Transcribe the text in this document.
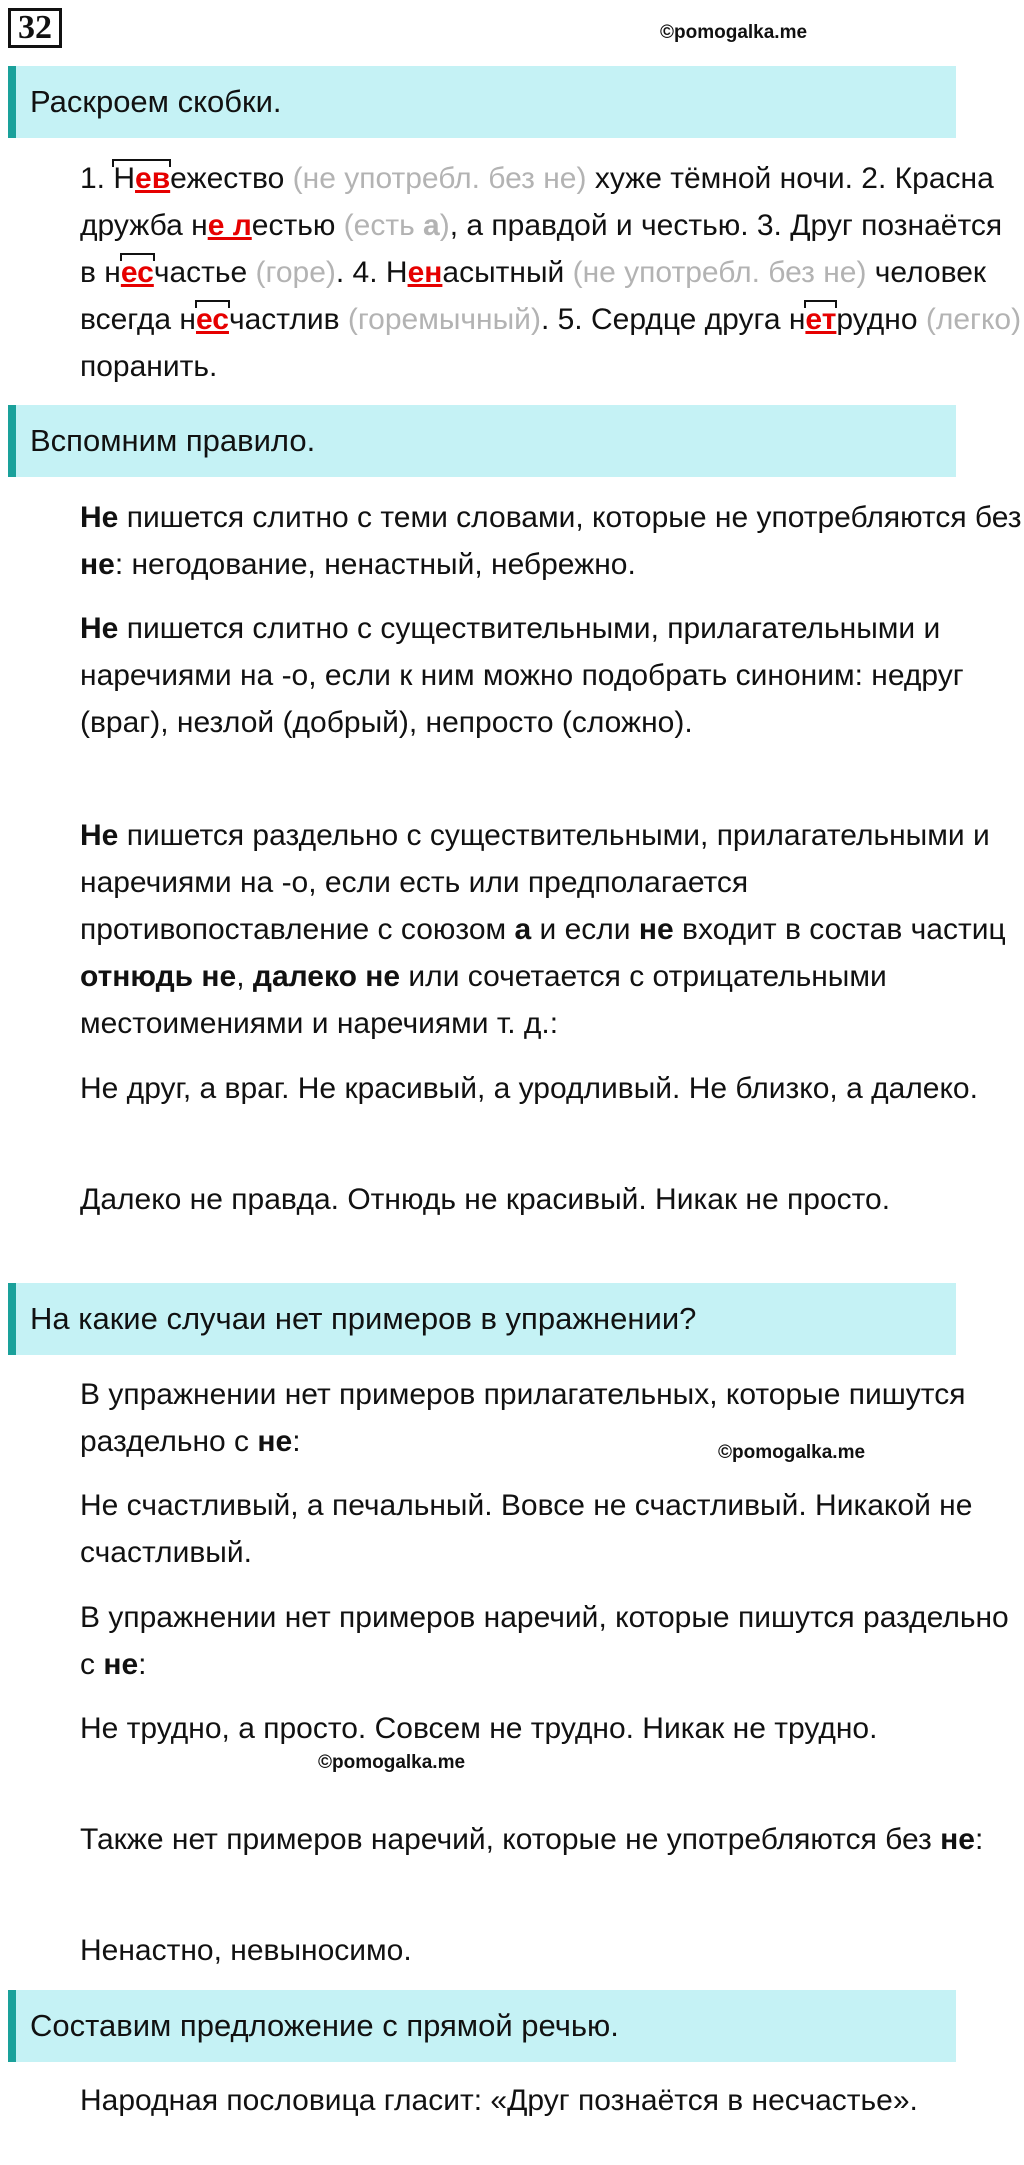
32	©pomogalka.me
Раскроем скобки.

1. Невежество (не употребл. без не) хуже тёмной ночи. 2. Красна дружба не лестью (есть а), а правдой и честью. 3. Друг познаётся в несчастье (горе). 4. Ненасытный (не употребл. без не) человек всегда несчастлив (горемычный). 5. Сердце друга нетрудно (легко) поранить.

Вспомним правило.

Не пишется слитно с теми словами, которые не употребляются без не: негодование, ненастный, небрежно.

Не пишется слитно с существительными, прилагательными и наречиями на -о, если к ним можно подобрать синоним: недруг (враг), незлой (добрый), непросто (сложно).

Не пишется раздельно с существительными, прилагательными и наречиями на -о, если есть или предполагается противопоставление с союзом а и если не входит в состав частиц отнюдь не, далеко не или сочетается с отрицательными местоимениями и наречиями т. д.:

Не друг, а враг. Не красивый, а уродливый. Не близко, а далеко.

Далеко не правда. Отнюдь не красивый. Никак не просто.

На какие случаи нет примеров в упражнении?

В упражнении нет примеров прилагательных, которые пишутся раздельно с не:	©pomogalka.me

Не счастливый, а печальный. Вовсе не счастливый. Никакой не счастливый.

В упражнении нет примеров наречий, которые пишутся раздельно с не:

Не трудно, а просто. Совсем не трудно. Никак не трудно.

©pomogalka.me

Также нет примеров наречий, которые не употребляются без не:

Ненастно, невыносимо.

Составим предложение с прямой речью.

Народная пословица гласит: «Друг познаётся в несчастье».
